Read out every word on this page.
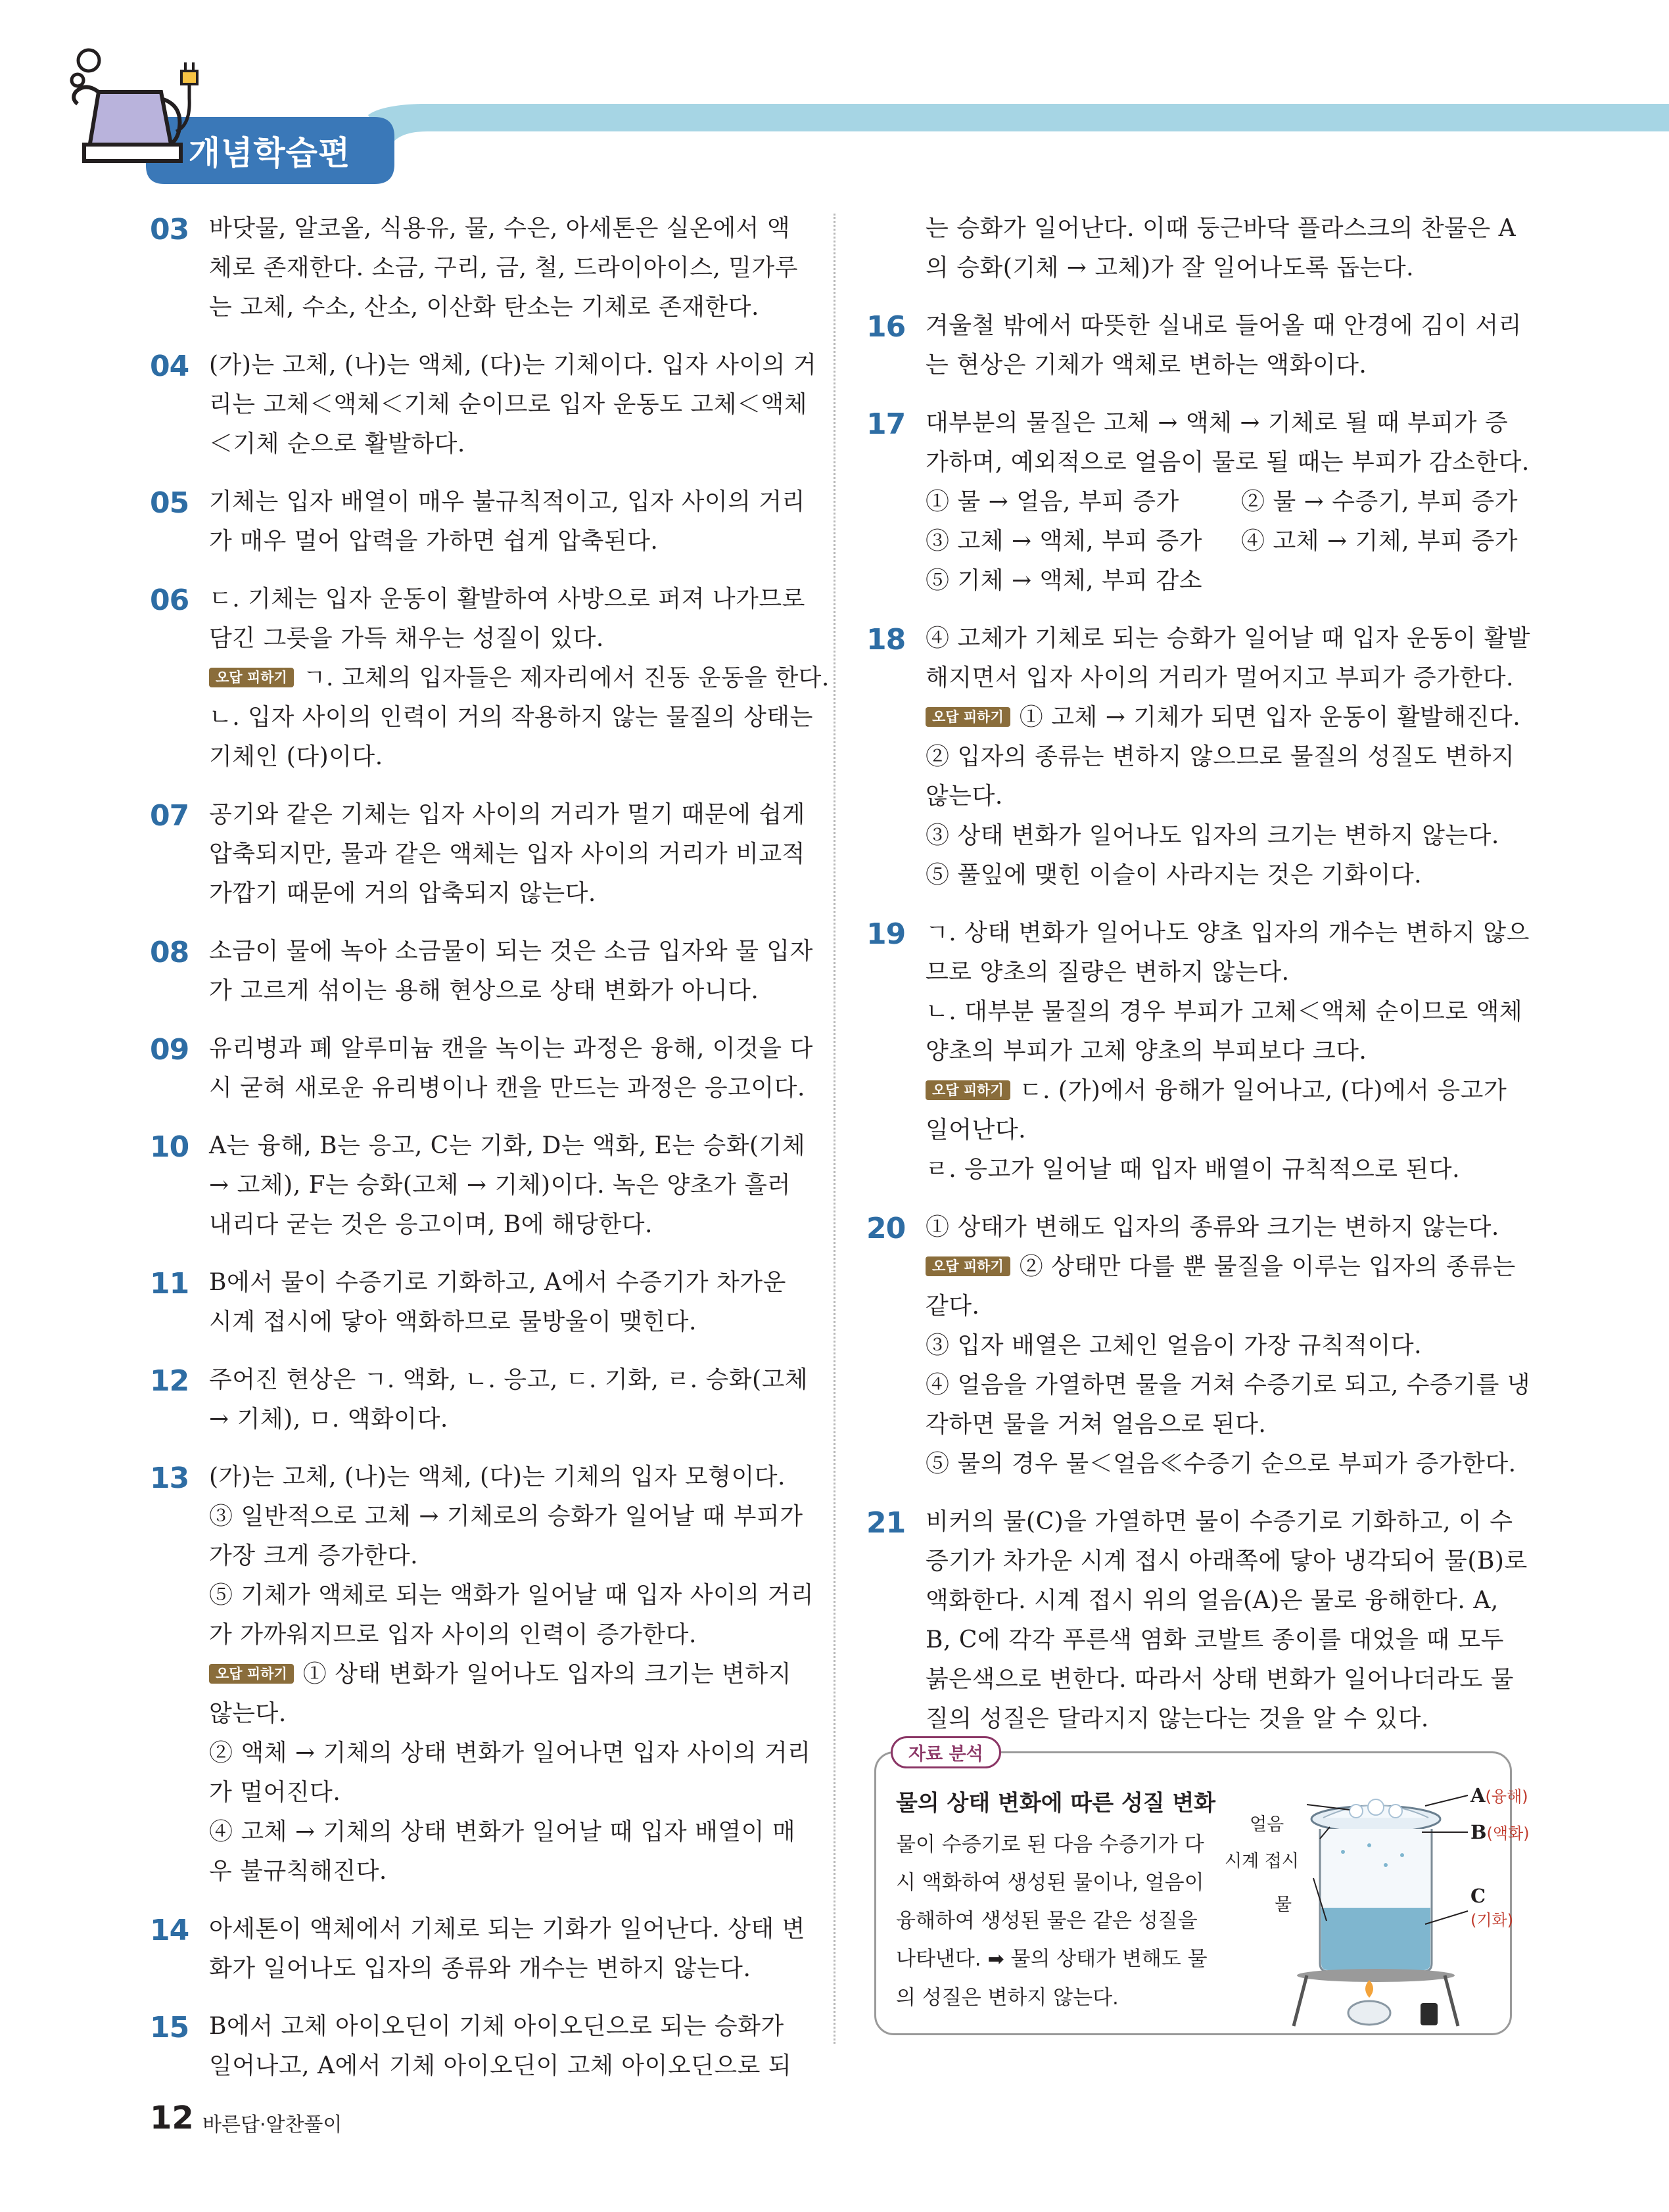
개념학습편
03 바닷물, 알코올, 식용유, 물, 수은, 아세톤은 실온에서 액
체로 존재한다. 소금, 구리, 금, 철, 드라이아이스, 밀가루
는 고체, 수소, 산소, 이산화 탄소는 기체로 존재한다.
04 (가)는 고체, (나)는 액체, (다)는 기체이다. 입자 사이의 거
리는 고체＜액체＜기체 순이므로 입자 운동도 고체＜액체
＜기체 순으로 활발하다.
05 기체는 입자 배열이 매우 불규칙적이고, 입자 사이의 거리
가 매우 멀어 압력을 가하면 쉽게 압축된다.
06 ㄷ. 기체는 입자 운동이 활발하여 사방으로 퍼져 나가므로
담긴 그릇을 가득 채우는 성질이 있다.
오답 피하기 ㄱ. 고체의 입자들은 제자리에서 진동 운동을 한다.
ㄴ. 입자 사이의 인력이 거의 작용하지 않는 물질의 상태는
기체인 (다)이다.
07 공기와 같은 기체는 입자 사이의 거리가 멀기 때문에 쉽게
압축되지만, 물과 같은 액체는 입자 사이의 거리가 비교적
가깝기 때문에 거의 압축되지 않는다.
08 소금이 물에 녹아 소금물이 되는 것은 소금 입자와 물 입자
가 고르게 섞이는 용해 현상으로 상태 변화가 아니다.
09 유리병과 폐 알루미늄 캔을 녹이는 과정은 융해, 이것을 다
시 굳혀 새로운 유리병이나 캔을 만드는 과정은 응고이다.
10 A는 융해, B는 응고, C는 기화, D는 액화, E는 승화(기체
→ 고체), F는 승화(고체 → 기체)이다. 녹은 양초가 흘러
내리다 굳는 것은 응고이며, B에 해당한다.
11 B에서 물이 수증기로 기화하고, A에서 수증기가 차가운
시계 접시에 닿아 액화하므로 물방울이 맺힌다.
12 주어진 현상은 ㄱ. 액화, ㄴ. 응고, ㄷ. 기화, ㄹ. 승화(고체
→ 기체), ㅁ. 액화이다.
13 (가)는 고체, (나)는 액체, (다)는 기체의 입자 모형이다.
③ 일반적으로 고체 → 기체로의 승화가 일어날 때 부피가
가장 크게 증가한다.
⑤ 기체가 액체로 되는 액화가 일어날 때 입자 사이의 거리
가 가까워지므로 입자 사이의 인력이 증가한다.
오답 피하기 ① 상태 변화가 일어나도 입자의 크기는 변하지
않는다.
② 액체 → 기체의 상태 변화가 일어나면 입자 사이의 거리
가 멀어진다.
④ 고체 → 기체의 상태 변화가 일어날 때 입자 배열이 매
우 불규칙해진다.
14 아세톤이 액체에서 기체로 되는 기화가 일어난다. 상태 변
화가 일어나도 입자의 종류와 개수는 변하지 않는다.
15 B에서 고체 아이오딘이 기체 아이오딘으로 되는 승화가
일어나고, A에서 기체 아이오딘이 고체 아이오딘으로 되
는 승화가 일어난다. 이때 둥근바닥 플라스크의 찬물은 A
의 승화(기체 → 고체)가 잘 일어나도록 돕는다.
16 겨울철 밖에서 따뜻한 실내로 들어올 때 안경에 김이 서리
는 현상은 기체가 액체로 변하는 액화이다.
17 대부분의 물질은 고체 → 액체 → 기체로 될 때 부피가 증
가하며, 예외적으로 얼음이 물로 될 때는 부피가 감소한다.
① 물 → 얼음, 부피 증가	② 물 → 수증기, 부피 증가
③ 고체 → 액체, 부피 증가	④ 고체 → 기체, 부피 증가
⑤ 기체 → 액체, 부피 감소
18 ④ 고체가 기체로 되는 승화가 일어날 때 입자 운동이 활발
해지면서 입자 사이의 거리가 멀어지고 부피가 증가한다.
오답 피하기 ① 고체 → 기체가 되면 입자 운동이 활발해진다.
② 입자의 종류는 변하지 않으므로 물질의 성질도 변하지
않는다.
③ 상태 변화가 일어나도 입자의 크기는 변하지 않는다.
⑤ 풀잎에 맺힌 이슬이 사라지는 것은 기화이다.
19 ㄱ. 상태 변화가 일어나도 양초 입자의 개수는 변하지 않으
므로 양초의 질량은 변하지 않는다.
ㄴ. 대부분 물질의 경우 부피가 고체＜액체 순이므로 액체
양초의 부피가 고체 양초의 부피보다 크다.
오답 피하기 ㄷ. (가)에서 융해가 일어나고, (다)에서 응고가
일어난다.
ㄹ. 응고가 일어날 때 입자 배열이 규칙적으로 된다.
20 ① 상태가 변해도 입자의 종류와 크기는 변하지 않는다.
오답 피하기 ② 상태만 다를 뿐 물질을 이루는 입자의 종류는
같다.
③ 입자 배열은 고체인 얼음이 가장 규칙적이다.
④ 얼음을 가열하면 물을 거쳐 수증기로 되고, 수증기를 냉
각하면 물을 거쳐 얼음으로 된다.
⑤ 물의 경우 물＜얼음≪수증기 순으로 부피가 증가한다.
21 비커의 물(C)을 가열하면 물이 수증기로 기화하고, 이 수
증기가 차가운 시계 접시 아래쪽에 닿아 냉각되어 물(B)로
액화한다. 시계 접시 위의 얼음(A)은 물로 융해한다. A,
B, C에 각각 푸른색 염화 코발트 종이를 대었을 때 모두
붉은색으로 변한다. 따라서 상태 변화가 일어나더라도 물
질의 성질은 달라지지 않는다는 것을 알 수 있다.
자료 분석
물의 상태 변화에 따른 성질 변화
물이 수증기로 된 다음 수증기가 다
시 액화하여 생성된 물이나, 얼음이
융해하여 생성된 물은 같은 성질을
나타낸다. ➡ 물의 상태가 변해도 물
의 성질은 변하지 않는다.
얼음
시계 접시
물
A(융해)
B(액화)
C
(기화)
12 바른답·알찬풀이
